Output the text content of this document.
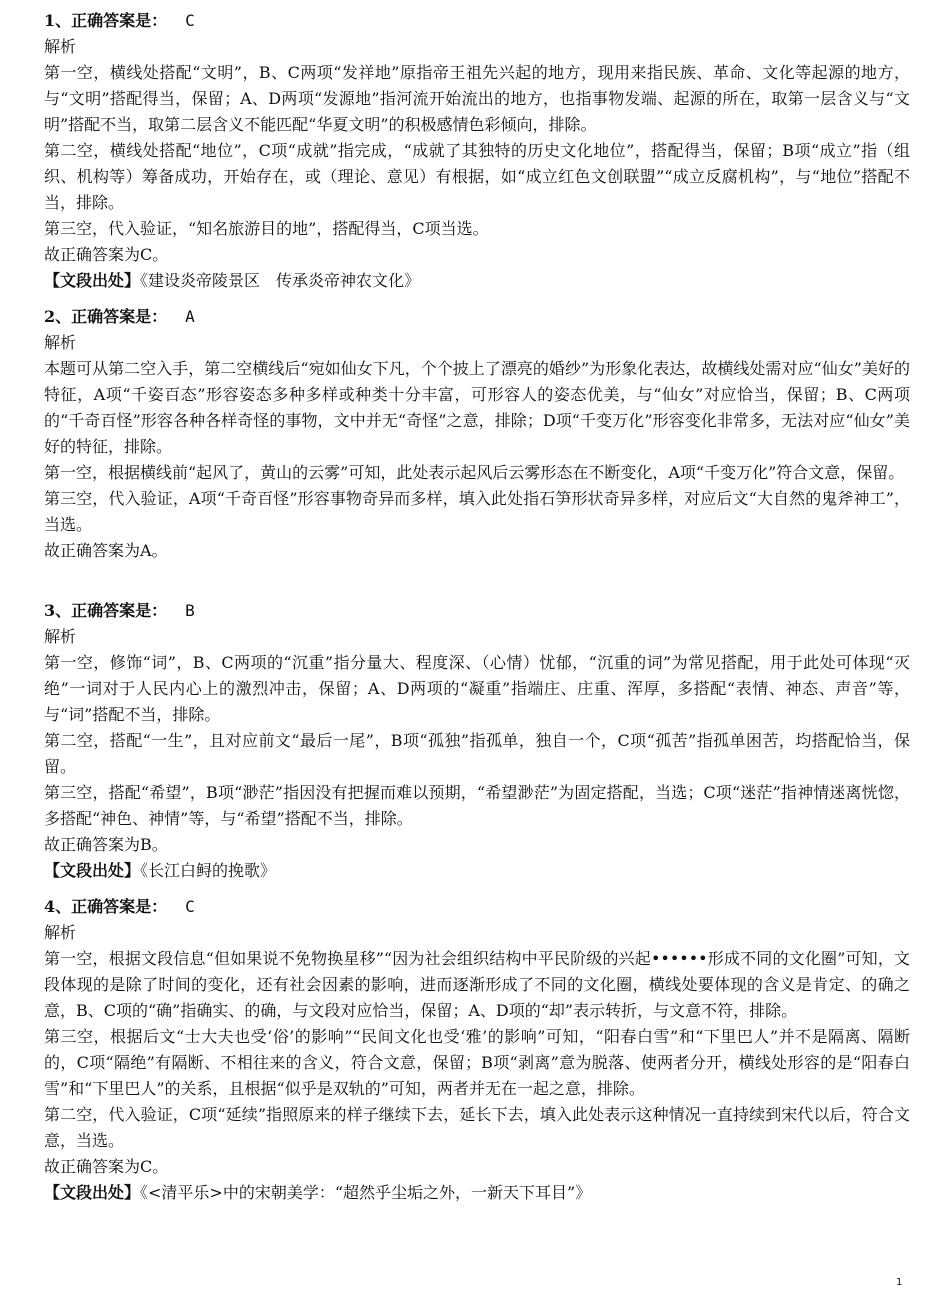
1、正确答案是： C

解析

第一空，横线处搭配“文明”，B、C两项“发祥地”原指帝王祖先兴起的地方，现用来指民族、革命、文化等起源的地方，与“文明”搭配得当，保留；A、D两项“发源地”指河流开始流出的地方，也指事物发端、起源的所在，取第一层含义与“文明”搭配不当，取第二层含义不能匹配“华夏文明”的积极感情色彩倾向，排除。

第二空，横线处搭配“地位”，C项“成就”指完成，“成就了其独特的历史文化地位”，搭配得当，保留；B项“成立”指（组织、机构等）筹备成功，开始存在，或（理论、意见）有根据，如“成立红色文创联盟”“成立反腐机构”，与“地位”搭配不当，排除。

第三空，代入验证，“知名旅游目的地”，搭配得当，C项当选。

故正确答案为C。

【文段出处】《建设炎帝陵景区　传承炎帝神农文化》

2、正确答案是： A

解析

本题可从第二空入手，第二空横线后“宛如仙女下凡，个个披上了漂亮的婚纱”为形象化表达，故横线处需对应“仙女”美好的特征，A项“千姿百态”形容姿态多种多样或种类十分丰富，可形容人的姿态优美，与“仙女”对应恰当，保留；B、C两项的“千奇百怪”形容各种各样奇怪的事物，文中并无“奇怪”之意，排除；D项“千变万化”形容变化非常多，无法对应“仙女”美好的特征，排除。

第一空，根据横线前“起风了，黄山的云雾”可知，此处表示起风后云雾形态在不断变化，A项“千变万化”符合文意，保留。

第三空，代入验证，A项“千奇百怪”形容事物奇异而多样，填入此处指石笋形状奇异多样，对应后文“大自然的鬼斧神工”，当选。

故正确答案为A。

3、正确答案是： B

解析

第一空，修饰“词”，B、C两项的“沉重”指分量大、程度深、（心情）忧郁，“沉重的词”为常见搭配，用于此处可体现“灭绝”一词对于人民内心上的激烈冲击，保留；A、D两项的“凝重”指端庄、庄重、浑厚，多搭配“表情、神态、声音”等，与“词”搭配不当，排除。

第二空，搭配“一生”，且对应前文“最后一尾”，B项“孤独”指孤单，独自一个，C项“孤苦”指孤单困苦，均搭配恰当，保留。

第三空，搭配“希望”，B项“渺茫”指因没有把握而难以预期，“希望渺茫”为固定搭配，当选；C项“迷茫”指神情迷离恍惚，多搭配“神色、神情”等，与“希望”搭配不当，排除。

故正确答案为B。

【文段出处】《长江白鲟的挽歌》

4、正确答案是： C

解析

第一空，根据文段信息“但如果说不免物换星移”“因为社会组织结构中平民阶级的兴起••••••形成不同的文化圈”可知，文段体现的是除了时间的变化，还有社会因素的影响，进而逐渐形成了不同的文化圈，横线处要体现的含义是肯定、的确之意，B、C项的“确”指确实、的确，与文段对应恰当，保留；A、D项的“却”表示转折，与文意不符，排除。

第三空，根据后文“士大夫也受‘俗’的影响”“民间文化也受‘雅’的影响”可知，“阳春白雪”和“下里巴人”并不是隔离、隔断的，C项“隔绝”有隔断、不相往来的含义，符合文意，保留；B项“剥离”意为脱落、使两者分开，横线处形容的是“阳春白雪”和“下里巴人”的关系，且根据“似乎是双轨的”可知，两者并无在一起之意，排除。

第二空，代入验证，C项“延续”指照原来的样子继续下去，延长下去，填入此处表示这种情况一直持续到宋代以后，符合文意，当选。

故正确答案为C。

【文段出处】《<清平乐>中的宋朝美学：“超然乎尘垢之外，一新天下耳目”》

1
